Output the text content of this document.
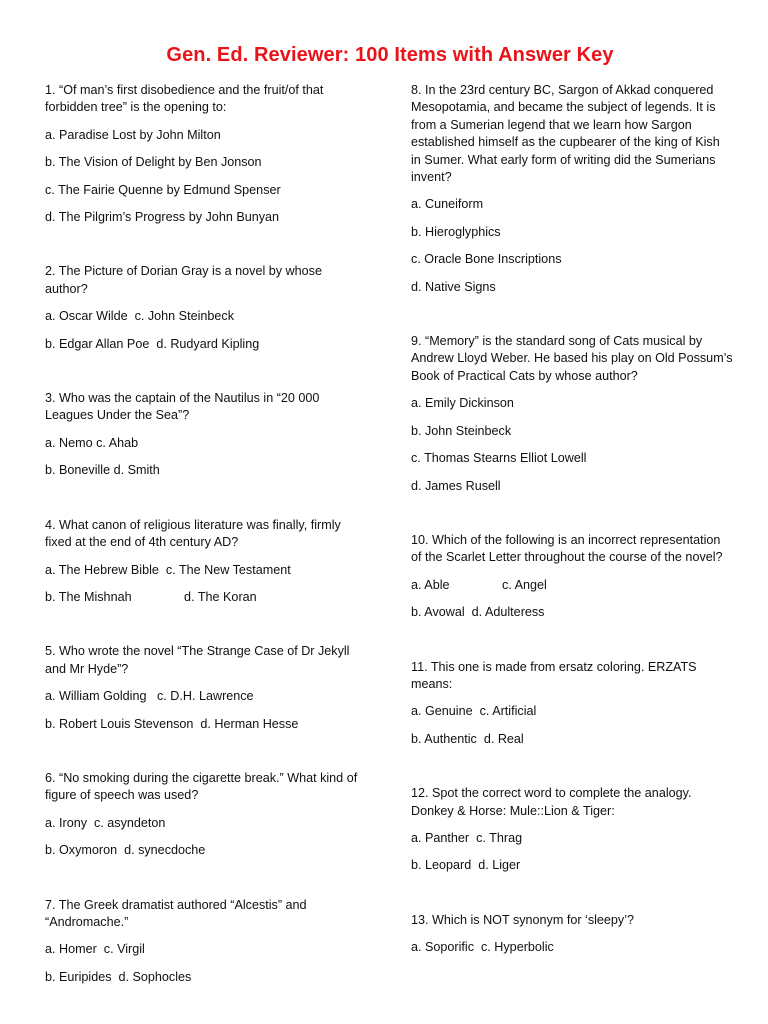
Gen. Ed. Reviewer: 100 Items with Answer Key

1. “Of man’s first disobedience and the fruit/of that forbidden tree” is the opening to:

a. Paradise Lost by John Milton

b. The Vision of Delight by Ben Jonson

c. The Fairie Quenne by Edmund Spenser

d. The Pilgrim’s Progress by John Bunyan

2. The Picture of Dorian Gray is a novel by whose author?

a. Oscar Wilde  c. John Steinbeck

b. Edgar Allan Poe  d. Rudyard Kipling

3. Who was the captain of the Nautilus in “20 000 Leagues Under the Sea”?

a. Nemo c. Ahab

b. Boneville d. Smith

4. What canon of religious literature was finally, firmly fixed at the end of 4th century AD?

a. The Hebrew Bible  c. The New Testament

b. The Mishnah               d. The Koran

5. Who wrote the novel “The Strange Case of Dr Jekyll and Mr Hyde”?

a. William Golding   c. D.H. Lawrence

b. Robert Louis Stevenson  d. Herman Hesse

6. “No smoking during the cigarette break.” What kind of figure of speech was used?

a. Irony  c. asyndeton

b. Oxymoron  d. synecdoche

7. The Greek dramatist authored “Alcestis” and “Andromache.”

a. Homer  c. Virgil

b. Euripides  d. Sophocles

8. In the 23rd century BC, Sargon of Akkad conquered Mesopotamia, and became the subject of legends. It is from a Sumerian legend that we learn how Sargon established himself as the cupbearer of the king of Kish in Sumer. What early form of writing did the Sumerians invent?

a. Cuneiform

b. Hieroglyphics

c. Oracle Bone Inscriptions

d. Native Signs

9. “Memory” is the standard song of Cats musical by Andrew Lloyd Weber. He based his play on Old Possum’s Book of Practical Cats by whose author?

a. Emily Dickinson

b. John Steinbeck

c. Thomas Stearns Elliot Lowell

d. James Rusell

10. Which of the following is an incorrect representation of the Scarlet Letter throughout the course of the novel?

a. Able               c. Angel

b. Avowal  d. Adulteress

11. This one is made from ersatz coloring. ERZATS means:

a. Genuine  c. Artificial

b. Authentic  d. Real

12. Spot the correct word to complete the analogy. Donkey & Horse: Mule::Lion & Tiger:

a. Panther  c. Thrag

b. Leopard  d. Liger

13. Which is NOT synonym for ‘sleepy’?

a. Soporific  c. Hyperbolic
